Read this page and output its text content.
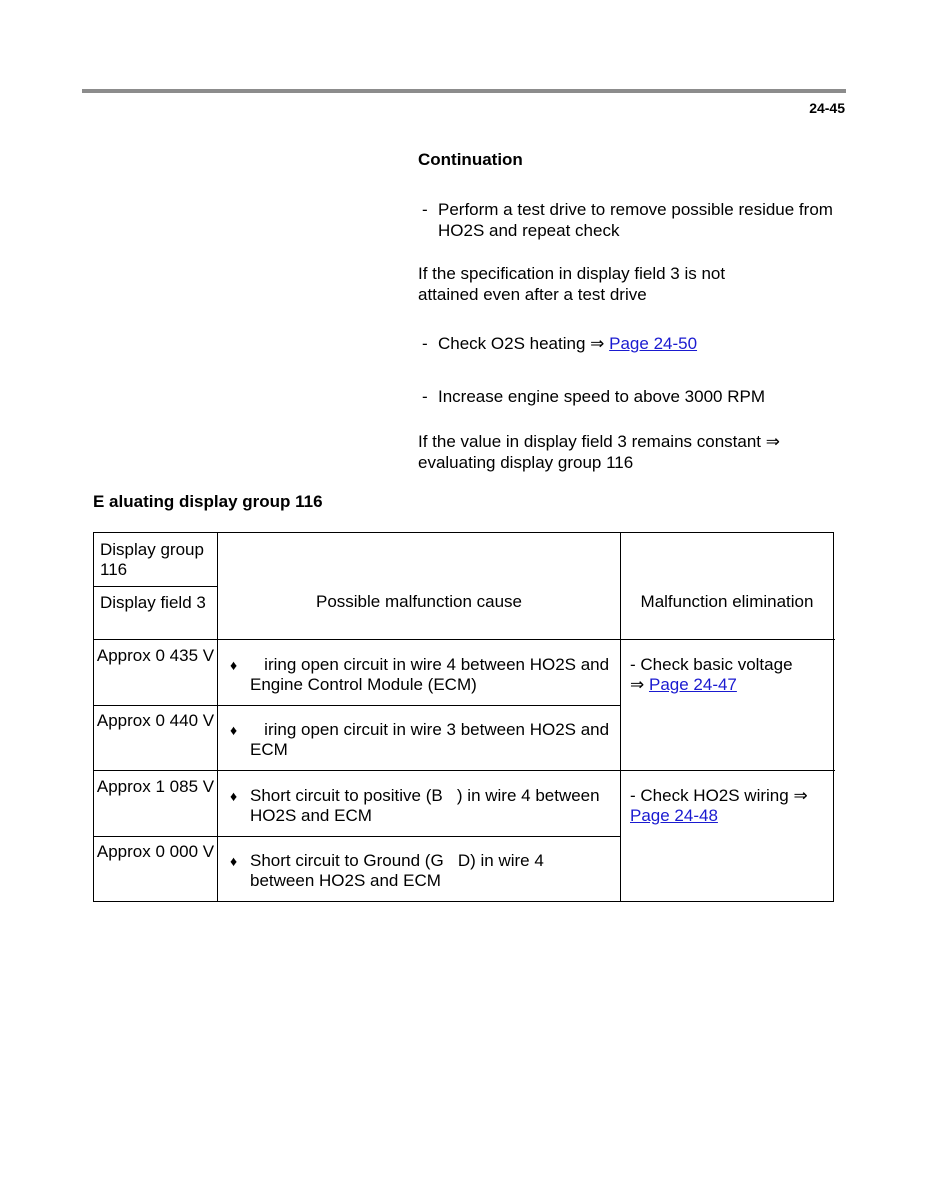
24-45
Continuation
- Perform a test drive to remove possible residue from HO2S and repeat check
If the specification in display field 3 is not attained even after a test drive
- Check O2S heating ⇒ Page 24-50
- Increase engine speed to above 3000 RPM
If the value in display field 3 remains constant ⇒
evaluating display group 116
E aluating display group 116
Display group 116
Display field 3	Possible malfunction cause	Malfunction elimination
Approx 0 435 V ♦ iring open circuit in wire 4 between HO2S and Engine Control Module (ECM)
Approx 0 440 V ♦ iring open circuit in wire 3 between HO2S and ECM
Approx 1 085 V ♦ Short circuit to positive (B   ) in wire 4 between HO2S and ECM
Approx 0 000 V ♦ Short circuit to Ground (G   D) in wire 4 between HO2S and ECM
- Check basic voltage
⇒ Page 24-47
- Check HO2S wiring ⇒
Page 24-48
